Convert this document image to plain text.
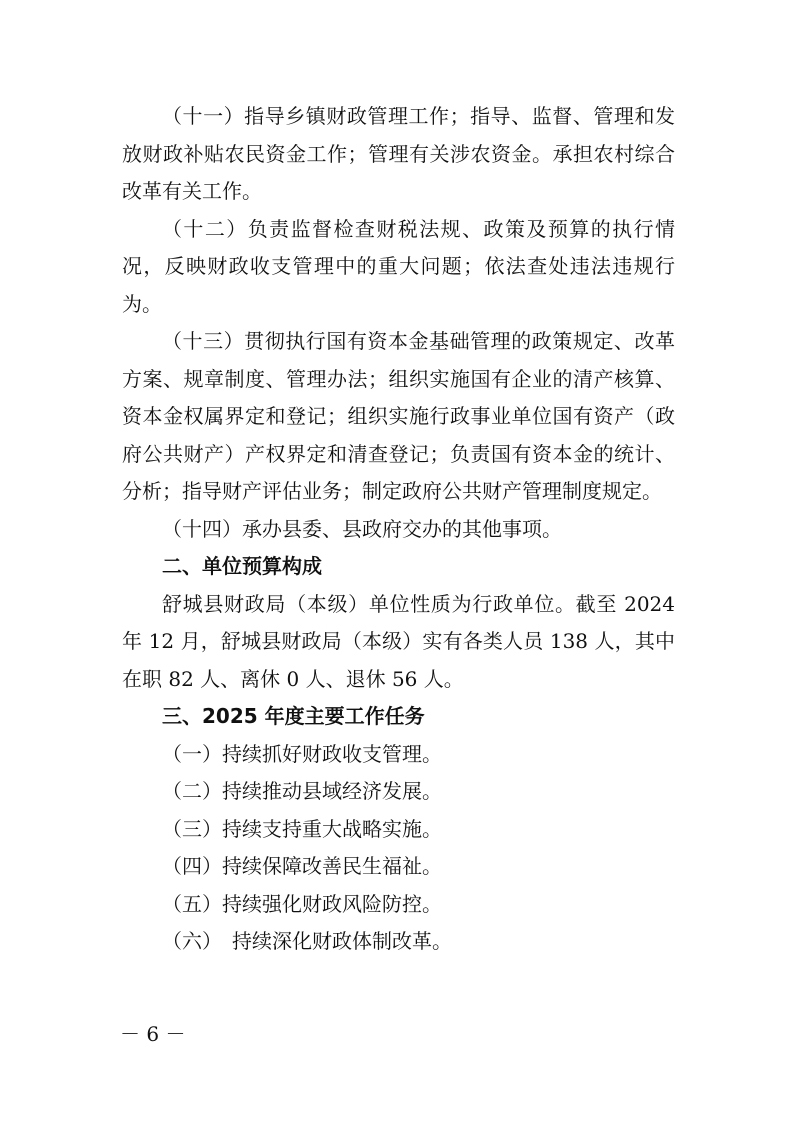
（十一）指导乡镇财政管理工作；指导、监督、管理和发放财政补贴农民资金工作；管理有关涉农资金。承担农村综合改革有关工作。

（十二）负责监督检查财税法规、政策及预算的执行情况，反映财政收支管理中的重大问题；依法查处违法违规行为。

（十三）贯彻执行国有资本金基础管理的政策规定、改革方案、规章制度、管理办法；组织实施国有企业的清产核算、资本金权属界定和登记；组织实施行政事业单位国有资产（政府公共财产）产权界定和清查登记；负责国有资本金的统计、分析；指导财产评估业务；制定政府公共财产管理制度规定。

（十四）承办县委、县政府交办的其他事项。

二、单位预算构成

舒城县财政局（本级）单位性质为行政单位。截至 2024 年 12 月，舒城县财政局（本级）实有各类人员 138 人，其中在职 82 人、离休 0 人、退休 56 人。

三、2025 年度主要工作任务

（一）持续抓好财政收支管理。

（二）持续推动县域经济发展。

（三）持续支持重大战略实施。

（四）持续保障改善民生福祉。

（五）持续强化财政风险防控。

（六）　持续深化财政体制改革。

－ 6 －
